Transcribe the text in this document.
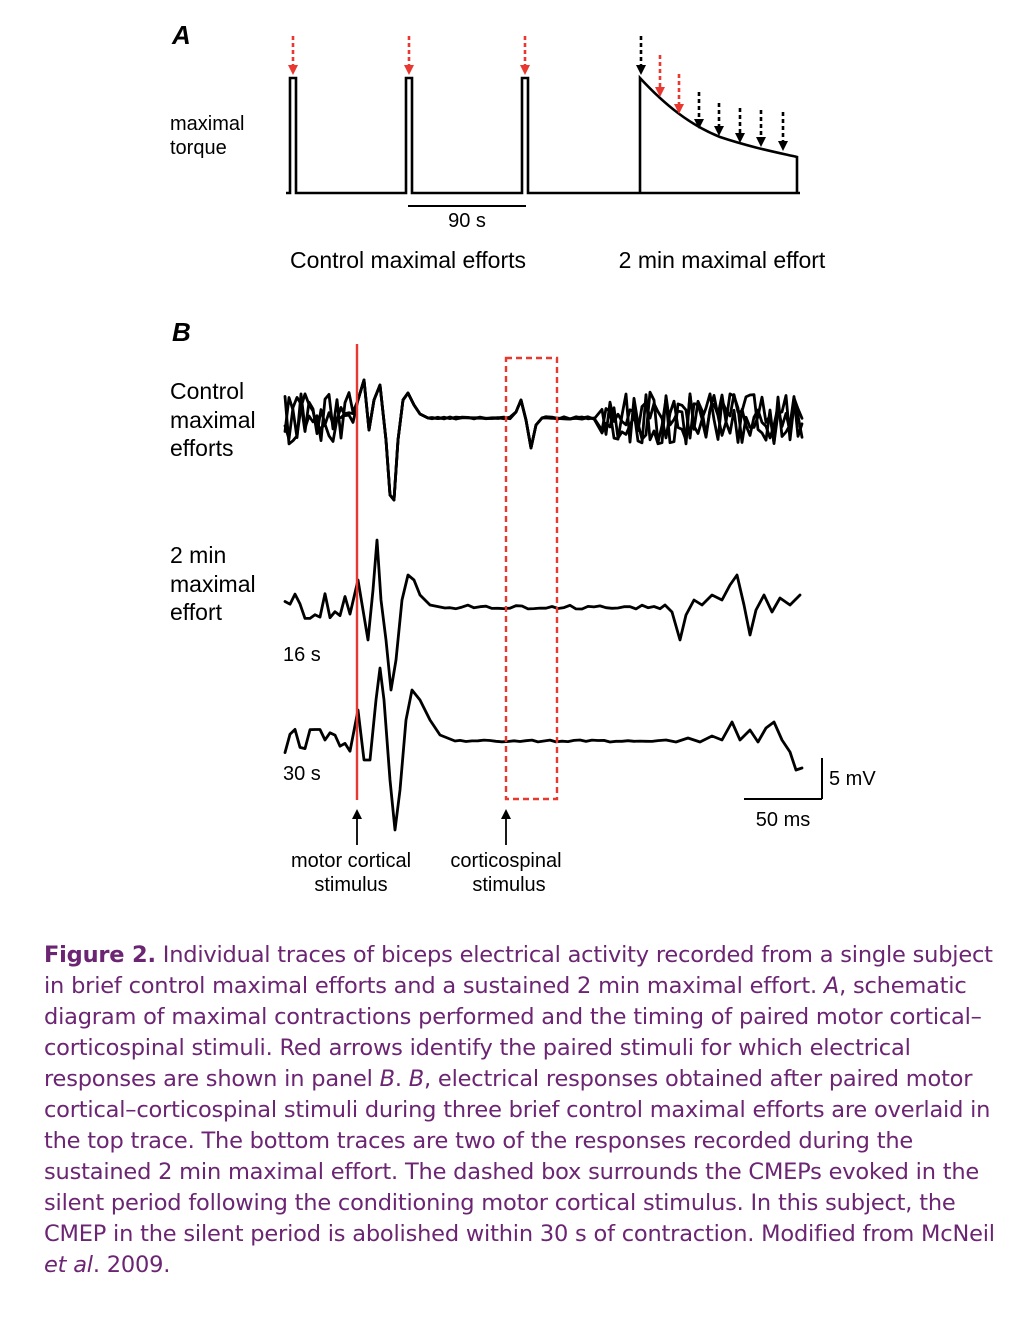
A
maximal
torque
90 s
Control maximal efforts	2 min maximal effort
B
Control
maximal
efforts
2 min
maximal
effort
16 s
30 s	5 mV
50 ms
motor cortical
stimulus
corticospinal
stimulus

Figure 2. Individual traces of biceps electrical activity recorded from a single subject in brief control maximal efforts and a sustained 2 min maximal effort. A, schematic diagram of maximal contractions performed and the timing of paired motor cortical–corticospinal stimuli. Red arrows identify the paired stimuli for which electrical responses are shown in panel B. B, electrical responses obtained after paired motor cortical–corticospinal stimuli during three brief control maximal efforts are overlaid in the top trace. The bottom traces are two of the responses recorded during the sustained 2 min maximal effort. The dashed box surrounds the CMEPs evoked in the silent period following the conditioning motor cortical stimulus. In this subject, the CMEP in the silent period is abolished within 30 s of contraction. Modified from McNeil et al. 2009.
